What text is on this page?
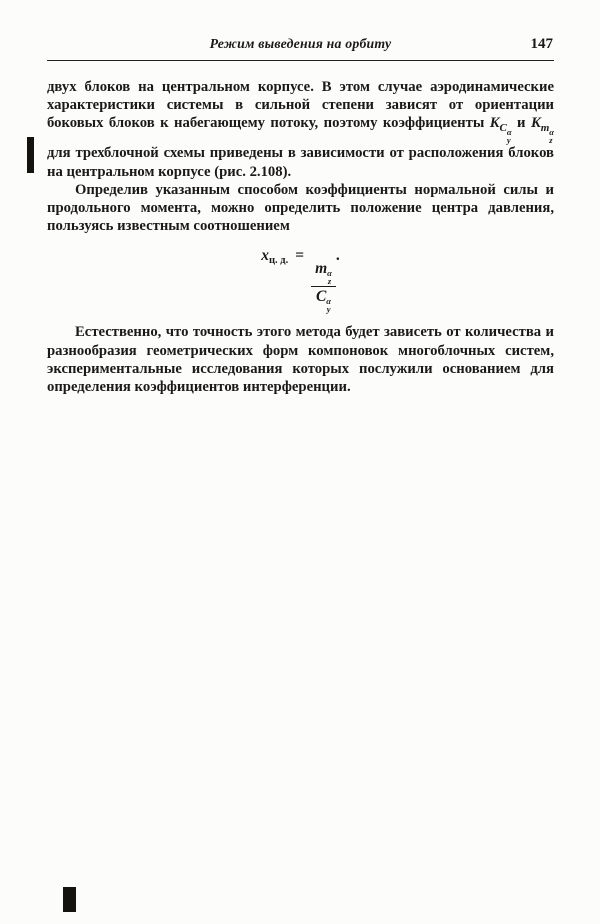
Режим выведения на орбиту	147

двух блоков на центральном корпусе. В этом случае аэродинамические характеристики системы в сильной степени зависят от ориентации боковых блоков к набегающему потоку, поэтому коэффициенты KC α
y
и Km α
z
для трехблочной схемы приведены в зависимости от расположения блоков на центральном корпусе (рис. 2.108).

Определив указанным способом коэффициенты нормальной силы и продольного момента, можно определить положение центра давления, пользуясь известным соотношением

xц. д. =
m α
z
C α
y
.

Естественно, что точность этого метода будет зависеть от количества и разнообразия геометрических форм компоновок многоблочных систем, экспериментальные исследования которых послужили основанием для определения коэффициентов интерференции.
